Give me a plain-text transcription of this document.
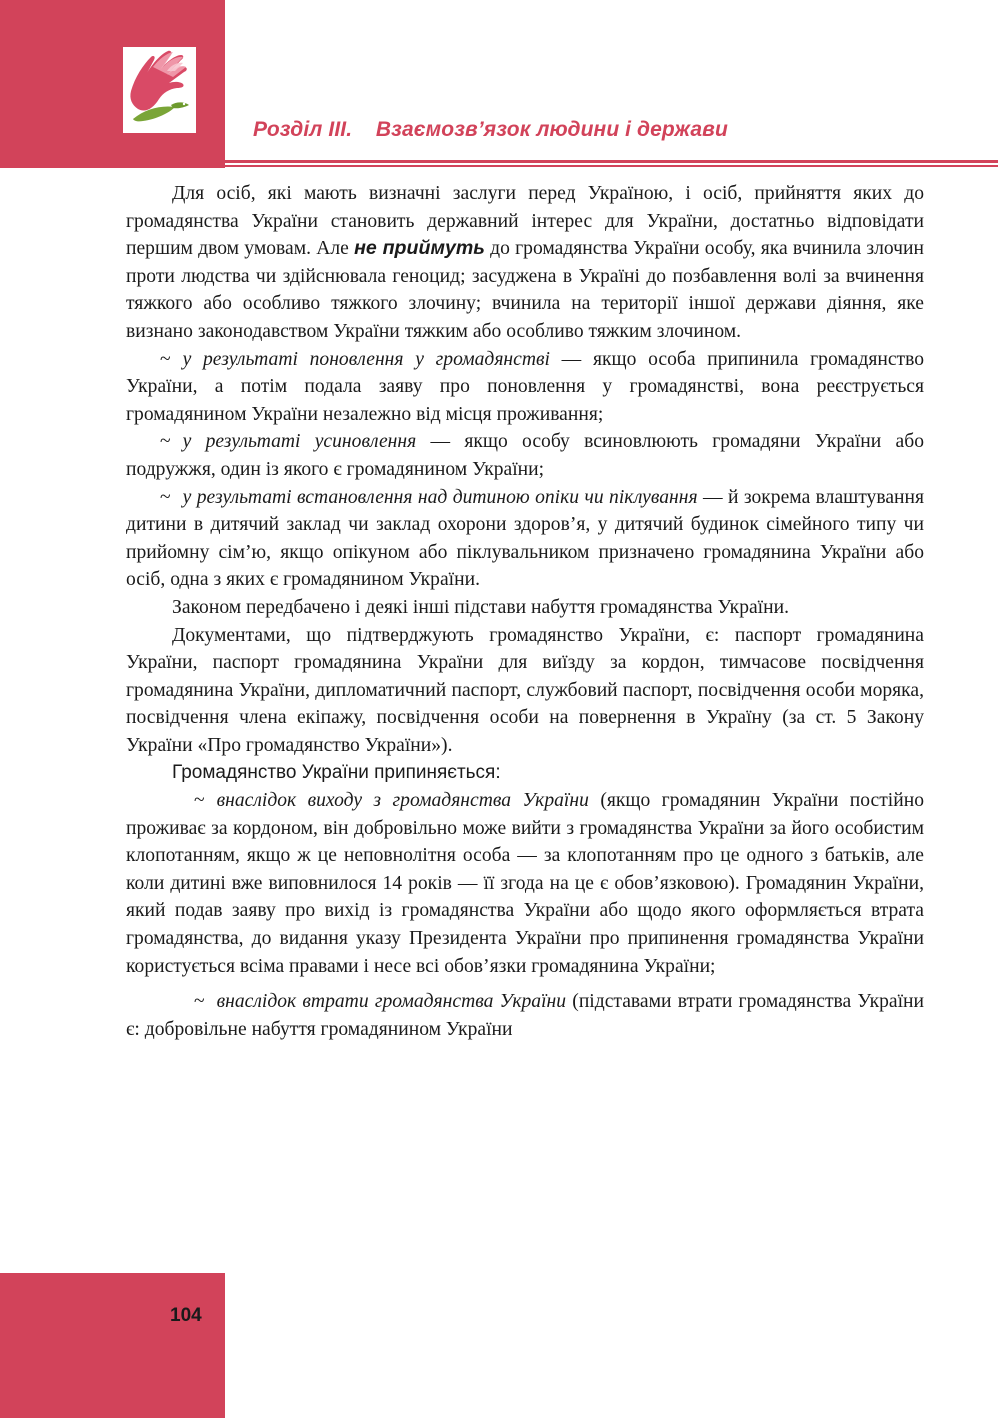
Розділ III.    Взаємозв’язок людини і держави

Для осіб, які мають визначні заслуги перед Україною, і осіб, прийняття яких до громадянства України становить державний інтерес для України, достатньо відповідати першим двом умовам. Але не приймуть до громадянства України особу, яка вчинила злочин проти людства чи здійснювала геноцид; засуджена в Україні до позбавлення волі за вчинення тяжкого або особливо тяжкого злочину; вчинила на території іншої держави діяння, яке визнано законодавством України тяжким або особливо тяжким злочином.

~ у результаті поновлення у громадянстві — якщо особа припинила громадянство України, а потім подала заяву про поновлення у громадянстві, вона реєструється громадянином України незалежно від місця проживання;

~ у результаті усиновлення — якщо особу всиновлюють громадяни України або подружжя, один із якого є громадянином України;

~ у результаті встановлення над дитиною опіки чи піклування — й зокрема влаштування дитини в дитячий заклад чи заклад охорони здоров’я, у дитячий будинок сімейного типу чи прийомну сім’ю, якщо опікуном або піклувальником призначено громадянина України або осіб, одна з яких є громадянином України.

Законом передбачено і деякі інші підстави набуття громадянства України.

Документами, що підтверджують громадянство України, є: паспорт громадянина України, паспорт громадянина України для виїзду за кордон, тимчасове посвідчення громадянина України, дипломатичний паспорт, службовий паспорт, посвідчення особи моряка, посвідчення члена екіпажу, посвідчення особи на повернення в Україну (за ст. 5 Закону України «Про громадянство України»).

Громадянство України припиняється:

~ внаслідок виходу з громадянства України (якщо громадянин України постійно проживає за кордоном, він добровільно може вийти з громадянства України за його особистим клопотанням, якщо ж це неповнолітня особа — за клопотанням про це одного з батьків, але коли дитині вже виповнилося 14 років — її згода на це є обов’язковою). Громадянин України, який подав заяву про вихід із громадянства України або щодо якого оформляється втрата громадянства, до видання указу Президента України про припинення громадянства України користується всіма правами і несе всі обов’язки громадянина України;

~ внаслідок втрати громадянства України (підставами втрати громадянства України є: добровільне набуття громадянином України

104
